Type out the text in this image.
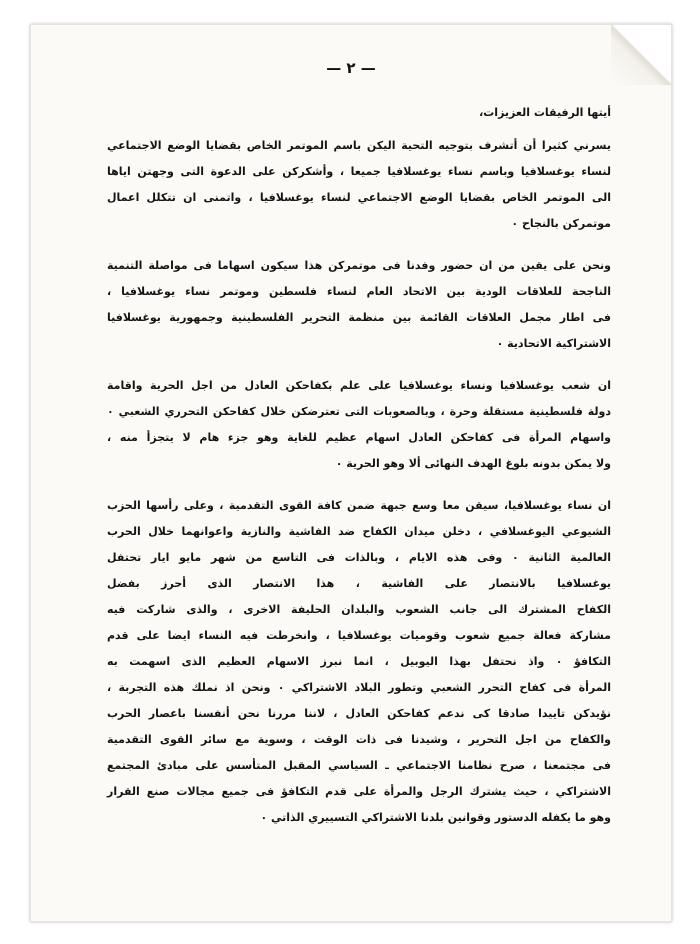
— ٢ —
أيتها الرفيقات العزيزات،
يسرني كثيرا أن أتشرف بتوجيه التحية اليكن باسم الموتمر الخاص بقضايا الوضع الاجتماعي
لنساء يوغسلافيا وباسم نساء يوغسلافيا جميعا ، وأشكركن على الدعوة التى وجهتن اياها
الى الموتمر الخاص بقضايا الوضع الاجتماعي لنساء يوغسلافيا ، واتمنى ان تتكلل اعمال
موتمركن بالنجاح ٠
ونحن على يقين من ان حضور وفدنا فى موتمركن هذا سيكون اسهاما فى مواصلة التنمية
الناجحة للعلاقات الودية بين الاتحاد العام لنساء فلسطين وموتمر نساء يوغسلافيا ،
فى اطار مجمل العلاقات القائمة بين منظمة التحرير الفلسطينية وجمهورية يوغسلافيا
الاشتراكية الاتحادية ٠
ان شعب يوغسلافيا ونساء يوغسلافيا على علم بكفاحكن العادل من اجل الحرية واقامة
دولة فلسطينية مستقلة وحرة ، وبالصعوبات التى تعترضكن خلال كفاحكن التحرري الشعبي ٠
واسهام المرأة فى كفاحكن العادل اسهام عظيم للغاية وهو جزء هام لا يتجزأ منه ،
ولا يمكن بدونه بلوغ الهدف النهائى ألا وهو الحرية ٠
ان نساء يوغسلافيا، سيقن معا وسع جبهة ضمن كافة القوى التقدمية ، وعلى رأسها الحزب
الشيوعي اليوغسلافي ، دخلن ميدان الكفاح ضد الفاشية والنازية واعوانهما خلال الحرب
العالمية الثانية ٠ وفى هذه الايام ، وبالذات فى التاسع من شهر مايو ايار تحتفل
يوغسلافيا بالانتصار على الفاشية ، هذا الانتصار الذى أحرز بفضل
الكفاح المشترك الى جانب الشعوب والبلدان الحليفة الاخرى ، والذى شاركت فيه
مشاركة فعالة جميع شعوب وقوميات يوغسلافيا ، وانخرطت فيه النساء ايضا على قدم
التكافؤ ٠ واذ نحتفل بهذا اليوبيل ، انما نبرز الاسهام العظيم الذى اسهمت به
المرأة فى كفاح التحرر الشعبي وتطور البلاد الاشتراكي ٠ ونحن اذ نملك هذه التجربة ،
نؤيدكن تاييدا صادقا كى ندعم كفاحكن العادل ، لاننا مررنا نحن أنفسنا باعصار الحرب
والكفاح من اجل التحرير ، وشيدنا فى ذات الوقت ، وسوية مع سائر القوى التقدمية
فى مجتمعنا ، صرح نظامنا الاجتماعي ـ السياسي المقبل المتأسس على مبادئ المجتمع
الاشتراكي ، حيث يشترك الرجل والمرأة على قدم التكافؤ فى جميع مجالات صنع القرار
وهو ما يكفله الدستور وقوانين بلدنا الاشتراكي التسييري الذاتي ٠
